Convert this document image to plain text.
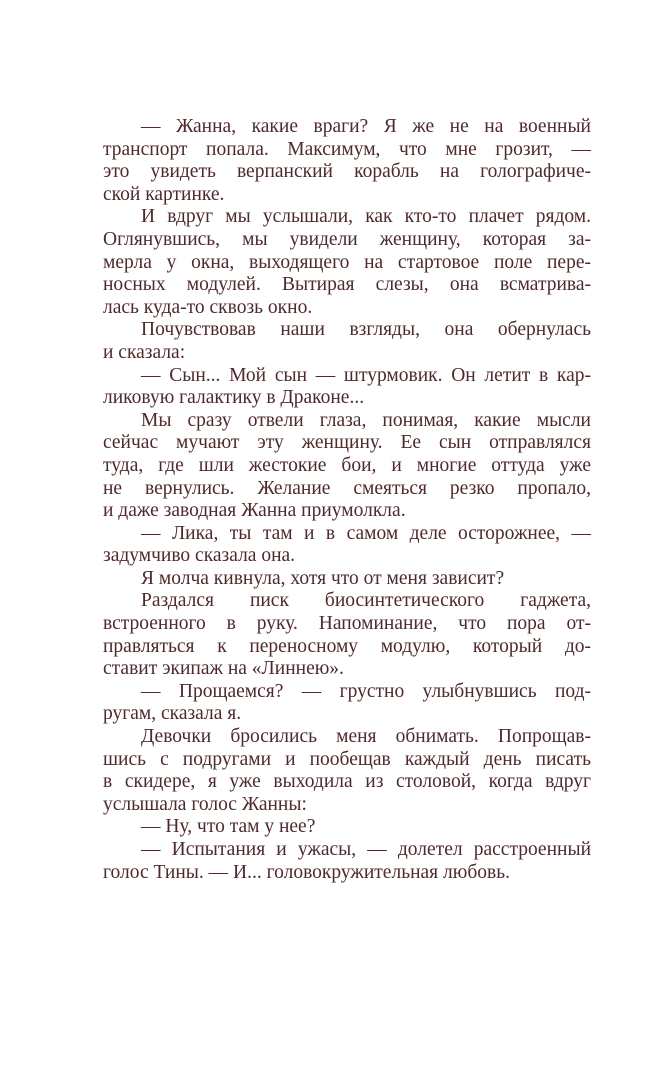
— Жанна, какие враги? Я же не на военный
транспорт попала. Максимум, что мне грозит, —
это увидеть верпанский корабль на голографиче-
ской картинке.

И вдруг мы услышали, как кто-то плачет рядом.
Оглянувшись, мы увидели женщину, которая за-
мерла у окна, выходящего на стартовое поле пере-
носных модулей. Вытирая слезы, она всматрива-
лась куда-то сквозь окно.

Почувствовав наши взгляды, она обернулась
и сказала:

— Сын... Мой сын — штурмовик. Он летит в кар-
ликовую галактику в Драконе...

Мы сразу отвели глаза, понимая, какие мысли
сейчас мучают эту женщину. Ее сын отправлялся
туда, где шли жестокие бои, и многие оттуда уже
не вернулись. Желание смеяться резко пропало,
и даже заводная Жанна приумолкла.

— Лика, ты там и в самом деле осторожнее, —
задумчиво сказала она.

Я молча кивнула, хотя что от меня зависит?

Раздался писк биосинтетического гаджета,
встроенного в руку. Напоминание, что пора от-
правляться к переносному модулю, который до-
ставит экипаж на «Линнею».

— Прощаемся? — грустно улыбнувшись под-
ругам, сказала я.

Девочки бросились меня обнимать. Попрощав-
шись с подругами и пообещав каждый день писать
в скидере, я уже выходила из столовой, когда вдруг
услышала голос Жанны:

— Ну, что там у нее?

— Испытания и ужасы, — долетел расстроенный
голос Тины. — И... головокружительная любовь.
